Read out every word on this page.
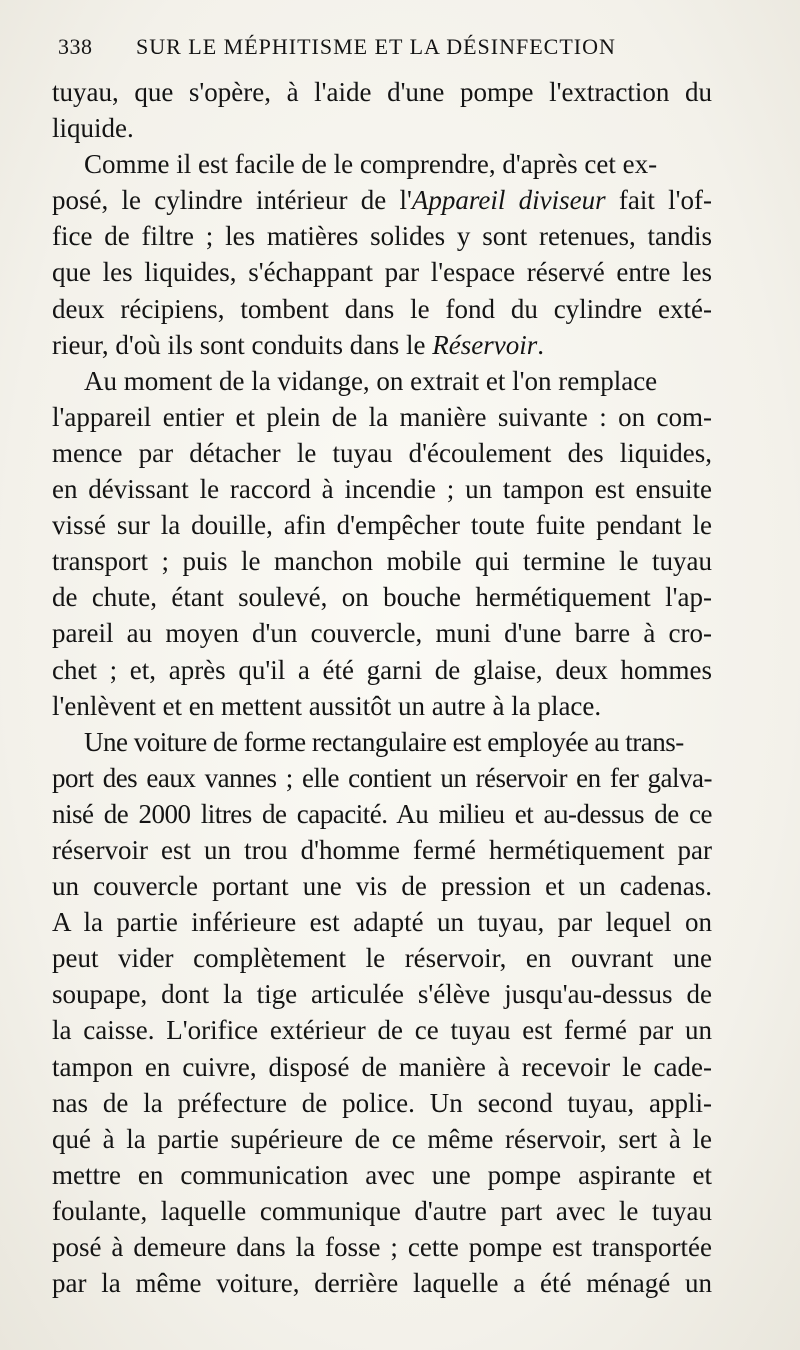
338	SUR LE MÉPHITISME ET LA DÉSINFECTION
tuyau, que s'opère, à l'aide d'une pompe l'extraction du
liquide.
Comme il est facile de le comprendre, d'après cet ex-
posé, le cylindre intérieur de l'Appareil diviseur fait l'of-
fice de filtre ; les matières solides y sont retenues, tandis
que les liquides, s'échappant par l'espace réservé entre les
deux récipiens, tombent dans le fond du cylindre exté-
rieur, d'où ils sont conduits dans le Réservoir.
Au moment de la vidange, on extrait et l'on remplace
l'appareil entier et plein de la manière suivante : on com-
mence par détacher le tuyau d'écoulement des liquides,
en dévissant le raccord à incendie ; un tampon est ensuite
vissé sur la douille, afin d'empêcher toute fuite pendant le
transport ; puis le manchon mobile qui termine le tuyau
de chute, étant soulevé, on bouche hermétiquement l'ap-
pareil au moyen d'un couvercle, muni d'une barre à cro-
chet ; et, après qu'il a été garni de glaise, deux hommes
l'enlèvent et en mettent aussitôt un autre à la place.
Une voiture de forme rectangulaire est employée au trans-
port des eaux vannes ; elle contient un réservoir en fer galva-
nisé de 2000 litres de capacité. Au milieu et au-dessus de ce
réservoir est un trou d'homme fermé hermétiquement par
un couvercle portant une vis de pression et un cadenas.
A la partie inférieure est adapté un tuyau, par lequel on
peut vider complètement le réservoir, en ouvrant une
soupape, dont la tige articulée s'élève jusqu'au-dessus de
la caisse. L'orifice extérieur de ce tuyau est fermé par un
tampon en cuivre, disposé de manière à recevoir le cade-
nas de la préfecture de police. Un second tuyau, appli-
qué à la partie supérieure de ce même réservoir, sert à le
mettre en communication avec une pompe aspirante et
foulante, laquelle communique d'autre part avec le tuyau
posé à demeure dans la fosse ; cette pompe est transportée
par la même voiture, derrière laquelle a été ménagé un
